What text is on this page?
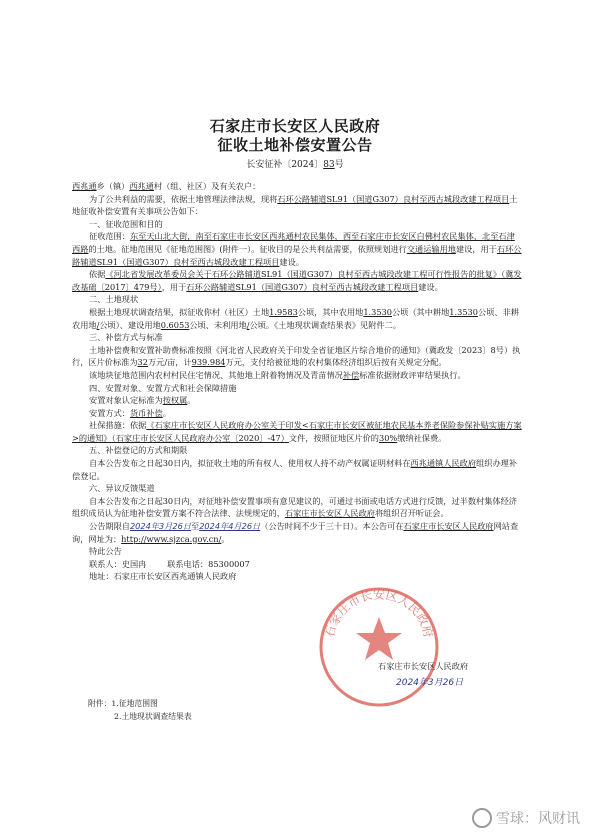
石家庄市长安区人民政府
征收土地补偿安置公告
长安征补〔2024〕83号

西兆通乡（镇）西兆通村（组、社区）及有关农户：

为了公共利益的需要，依据土地管理法律法规，现将石环公路辅道SL91（国道G307）良村至西古城段改建工程项目土地征收补偿安置有关事项公告如下：

一、征收范围和目的

征收范围：东至天山北大街，南至石家庄市长安区西兆通村农民集体，西至石家庄市长安区白佛村农民集体，北至石津西路的土地。征地范围见《征地范围图》(附件一）。征收目的是公共利益需要，依照规划进行交通运输用地建设，用于石环公路辅道SL91（国道G307）良村至西古城段改建工程项目建设。

依据《河北省发展改革委员会关于石环公路辅道SL91（国道G307）良村至西古城段改建工程可行性报告的批复》（冀发改基础〔2017〕479号），用于石环公路辅道SL91（国道G307）良村至西古城段改建工程项目建设。

二、土地现状

根据土地现状调查结果，拟征收你村（社区）土地1.9583公顷，其中农用地1.3530公顷（其中耕地1.3530公顷、非耕农用地/公顷）、建设用地0.6053公顷、未利用地/公顷。《土地现状调查结果表》见附件二。

三、补偿方式与标准

土地补偿费和安置补助费标准按照《河北省人民政府关于印发全省征地区片综合地价的通知》（冀政发〔2023〕8号）执行，区片价标准为32万元/亩，计939.984万元，支付给被征地的农村集体经济组织后按有关规定分配。

该地块征地范围内农村村民住宅情况、其他地上附着物情况及青苗情况补偿标准依据财政评审结果执行。

四、安置对象、安置方式和社会保障措施

安置对象认定标准为按权属。

安置方式：货币补偿。

社保措施：依据《石家庄市长安区人民政府办公室关于印发<石家庄市长安区被征地农民基本养老保险参保补贴实施方案>的通知》（石家庄市长安区人民政府办公室〔2020〕-47）文件，按照征地区片价的30%缴纳社保费。

五、补偿登记的方式和期限

自本公告发布之日起30日内，拟征收土地的所有权人、使用权人持不动产权属证明材料在西兆通镇人民政府组织办理补偿登记。

六、异议反馈渠道

自本公告发布之日起30日内，对征地补偿安置事项有意见建议的，可通过书面或电话方式进行反馈，过半数村集体经济组织成员认为征地补偿安置方案不符合法律、法规规定的，石家庄市长安区人民政府将组织召开听证会。

公告期限自2024年3月26日至2024年4月26日（公告时间不少于三十日）。本公告可在石家庄市长安区人民政府网站查询，网址为：http://www.sjzca.gov.cn/。

特此公告

联系人：史国冉	联系电话：85300007

地址：石家庄市长安区西兆通镇人民政府

石家庄市长安区人民政府
石家庄市长安区人民政府
2024年3月26日
附件：1.征地范围图
2.土地现状调查结果表
雪球：风财讯
